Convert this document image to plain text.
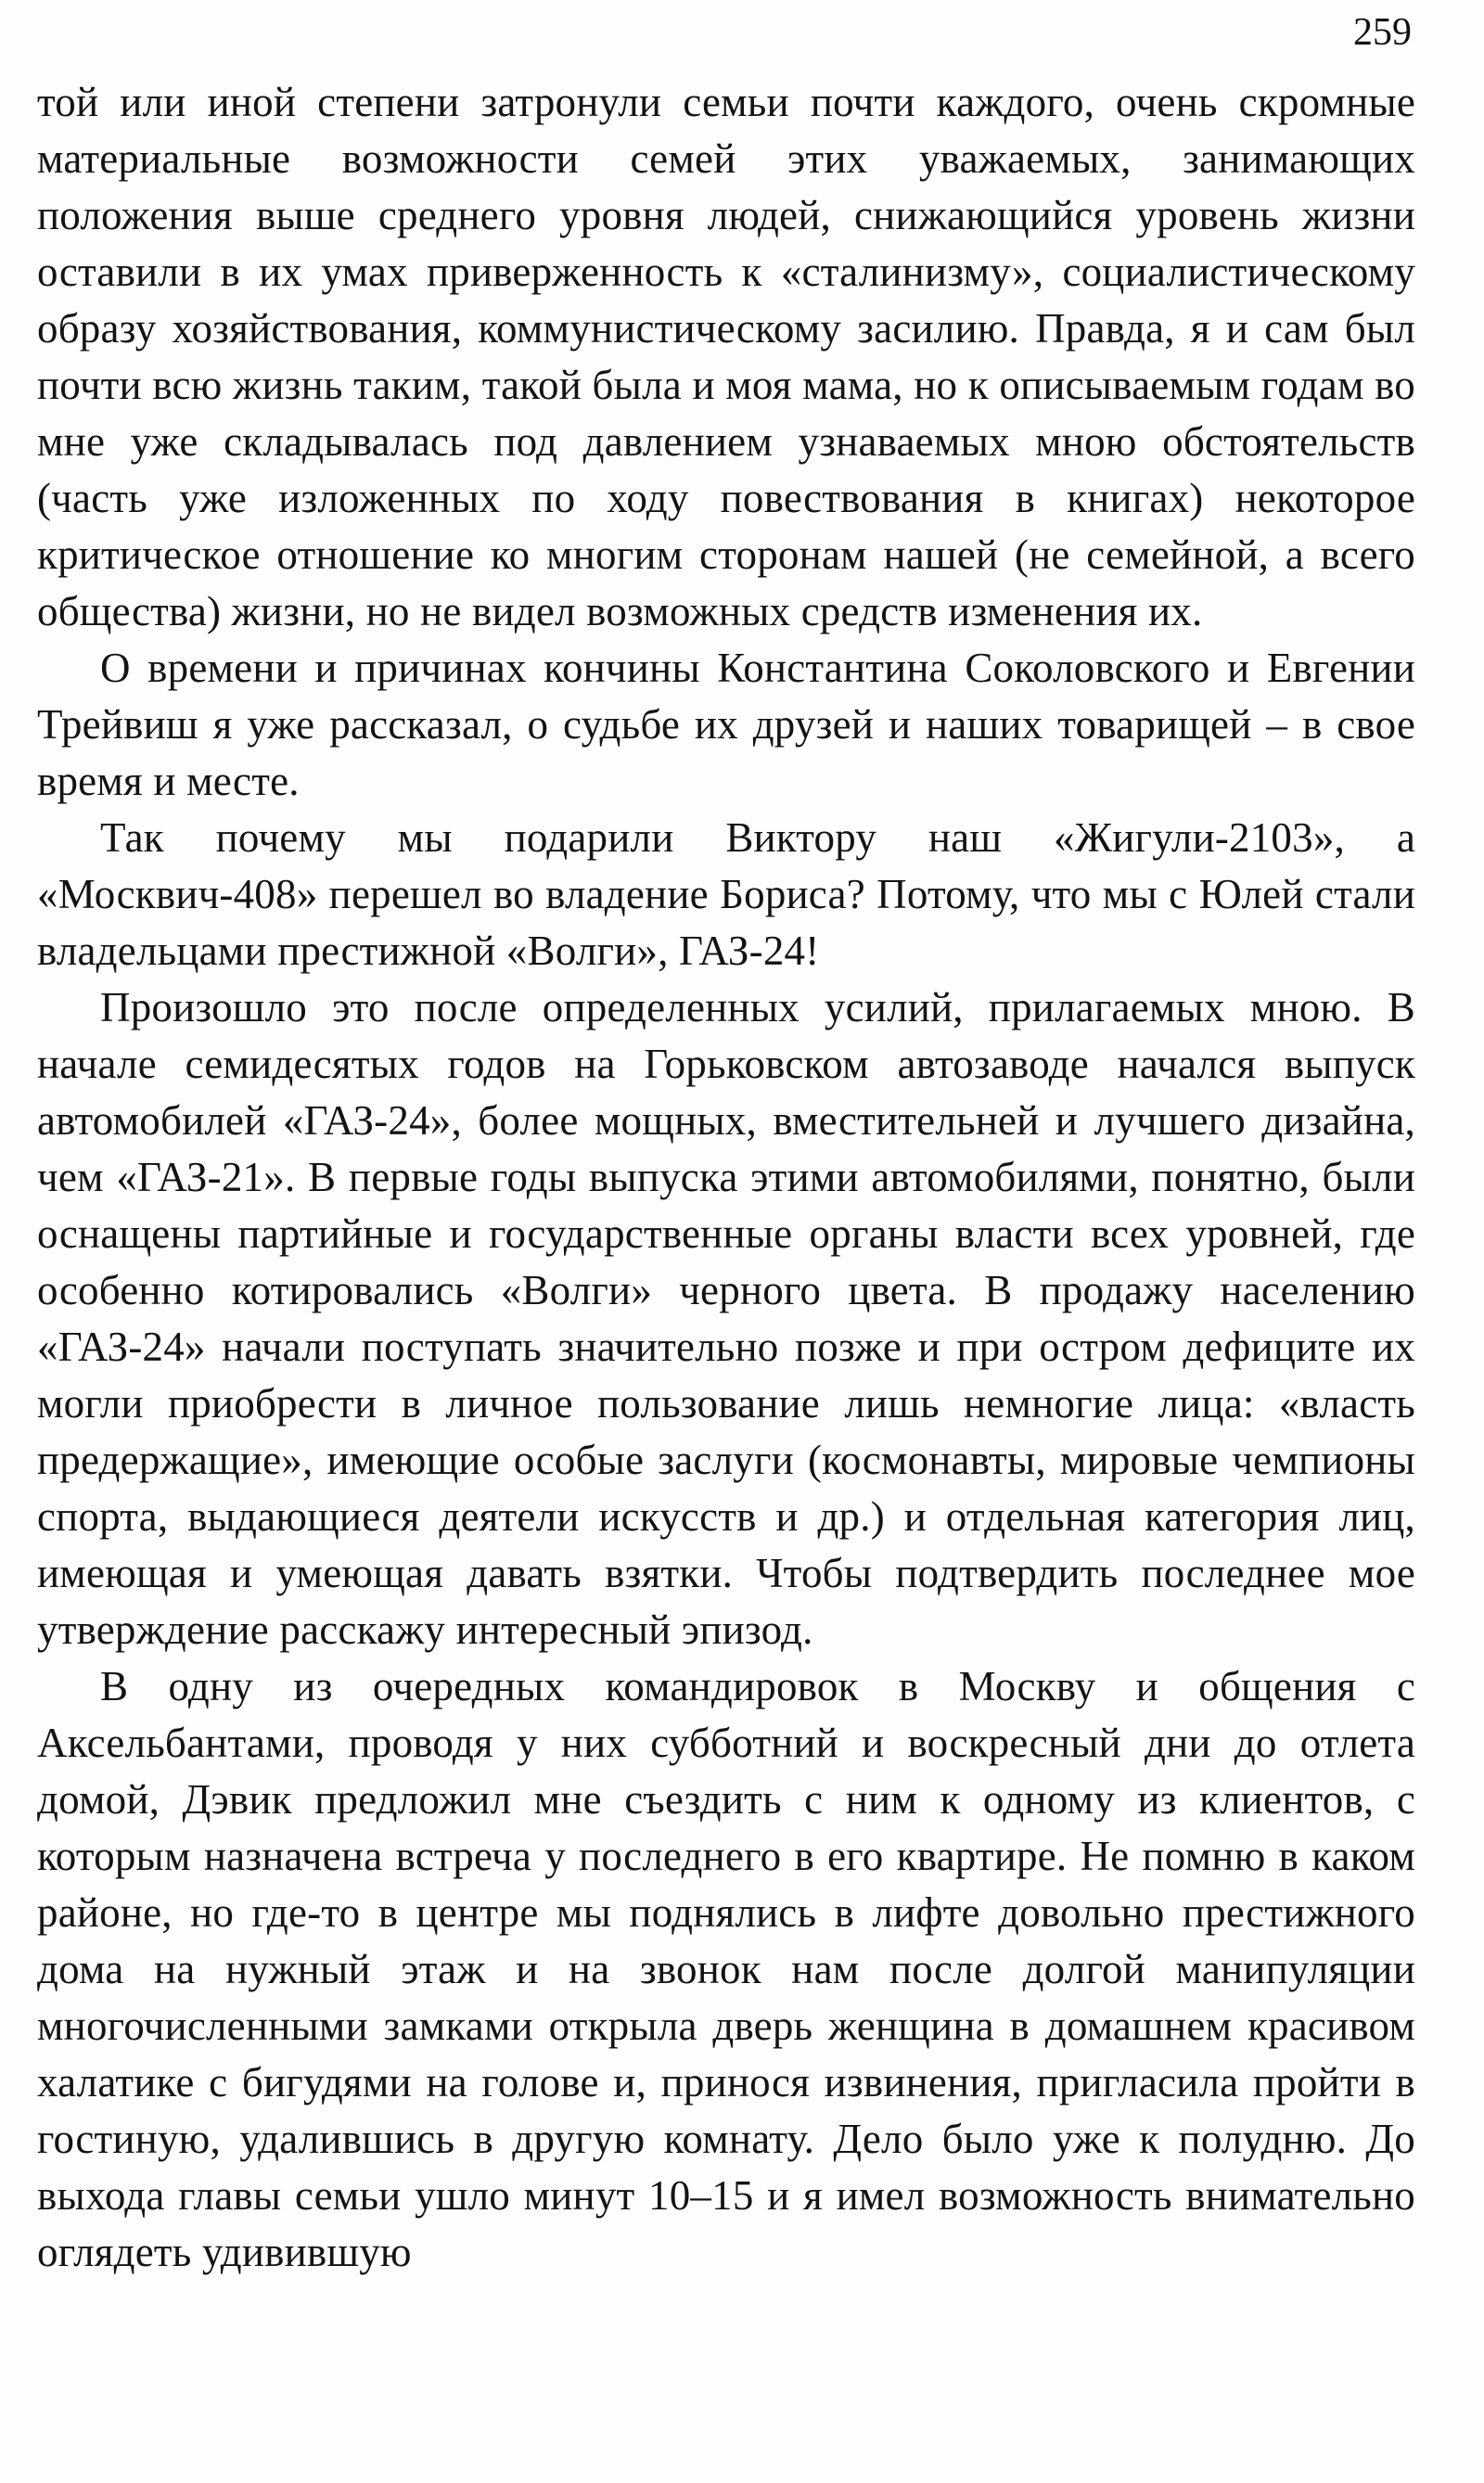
259

той или иной степени затронули семьи почти каждого, очень скромные материальные возможности семей этих уважаемых, занимающих положения выше среднего уровня людей, снижающийся уровень жизни оставили в их умах приверженность к «сталинизму», социалистическому образу хозяйствования, коммунистическому засилию. Правда, я и сам был почти всю жизнь таким, такой была и моя мама, но к описываемым годам во мне уже складывалась под давлением узнаваемых мною обстоятельств (часть уже изложенных по ходу повествования в книгах) некоторое критическое отношение ко многим сторонам нашей (не семейной, а всего общества) жизни, но не видел возможных средств изменения их.

О времени и причинах кончины Константина Соколовского и Евгении Трейвиш я уже рассказал, о судьбе их друзей и наших товарищей – в свое время и месте.

Так почему мы подарили Виктору наш «Жигули-2103», а «Москвич-408» перешел во владение Бориса? Потому, что мы с Юлей стали владельцами престижной «Волги», ГАЗ-24!

Произошло это после определенных усилий, прилагаемых мною. В начале семидесятых годов на Горьковском автозаводе начался выпуск автомобилей «ГАЗ-24», более мощных, вместительней и лучшего дизайна, чем «ГАЗ-21». В первые годы выпуска этими автомобилями, понятно, были оснащены партийные и государственные органы власти всех уровней, где особенно котировались «Волги» черного цвета. В продажу населению «ГАЗ-24» начали поступать значительно позже и при остром дефиците их могли приобрести в личное пользование лишь немногие лица: «власть предержащие», имеющие особые заслуги (космонавты, мировые чемпионы спорта, выдающиеся деятели искусств и др.) и отдельная категория лиц, имеющая и умеющая давать взятки. Чтобы подтвердить последнее мое утверждение расскажу интересный эпизод.

В одну из очередных командировок в Москву и общения с Аксельбантами, проводя у них субботний и воскресный дни до отлета домой, Дэвик предложил мне съездить с ним к одному из клиентов, с которым назначена встреча у последнего в его квартире. Не помню в каком районе, но где-то в центре мы поднялись в лифте довольно престижного дома на нужный этаж и на звонок нам после долгой манипуляции многочисленными замками открыла дверь женщина в домашнем красивом халатике с бигудями на голове и, принося извинения, пригласила пройти в гостиную, удалившись в другую комнату. Дело было уже к полудню. До выхода главы семьи ушло минут 10–15 и я имел возможность внимательно оглядеть удивившую
